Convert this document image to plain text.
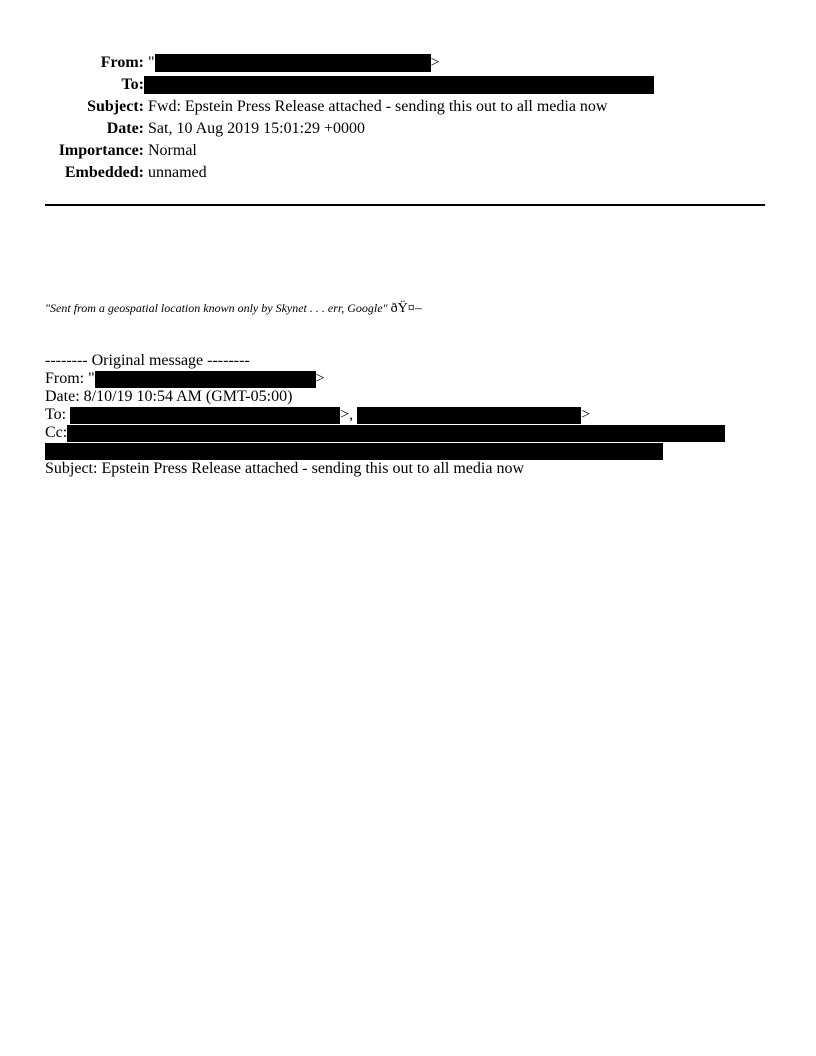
From: "	>
To:
Subject: Fwd: Epstein Press Release attached - sending this out to all media now
Date: Sat, 10 Aug 2019 15:01:29 +0000
Importance: Normal
Embedded: unnamed
"Sent from a geospatial location known only by Skynet . . . err, Google" ðŸ¤–
-------- Original message --------
From: "	>
Date: 8/10/19 10:54 AM (GMT-05:00)
To:	>,	>
Cc:
Subject: Epstein Press Release attached - sending this out to all media now
